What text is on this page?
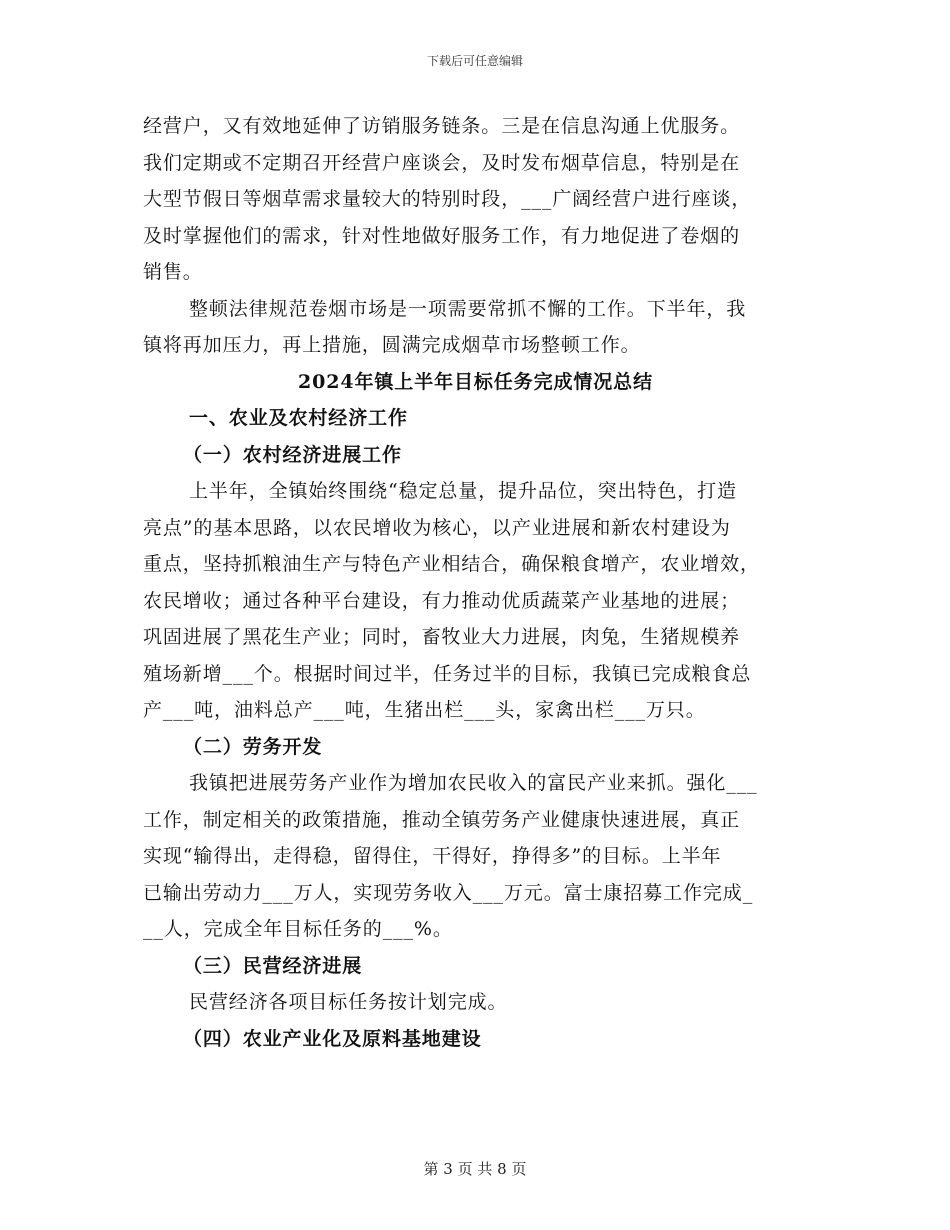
下载后可任意编辑
经营户，又有效地延伸了访销服务链条。三是在信息沟通上优服务。
我们定期或不定期召开经营户座谈会，及时发布烟草信息，特别是在
大型节假日等烟草需求量较大的特别时段，___广阔经营户进行座谈，
及时掌握他们的需求，针对性地做好服务工作，有力地促进了卷烟的
销售。
整顿法律规范卷烟市场是一项需要常抓不懈的工作。下半年，我
镇将再加压力，再上措施，圆满完成烟草市场整顿工作。
2024年镇上半年目标任务完成情况总结
一、农业及农村经济工作
（一）农村经济进展工作
上半年，全镇始终围绕“稳定总量，提升品位，突出特色，打造
亮点”的基本思路，以农民增收为核心，以产业进展和新农村建设为
重点，坚持抓粮油生产与特色产业相结合，确保粮食增产，农业增效，
农民增收；通过各种平台建设，有力推动优质蔬菜产业基地的进展；
巩固进展了黑花生产业；同时，畜牧业大力进展，肉兔，生猪规模养
殖场新增___个。根据时间过半，任务过半的目标，我镇已完成粮食总
产___吨，油料总产___吨，生猪出栏___头，家禽出栏___万只。
（二）劳务开发
我镇把进展劳务产业作为增加农民收入的富民产业来抓。强化___
工作，制定相关的政策措施，推动全镇劳务产业健康快速进展，真正
实现“输得出，走得稳，留得住，干得好，挣得多”的目标。上半年
已输出劳动力___万人，实现劳务收入___万元。富士康招募工作完成_
__人，完成全年目标任务的___%。
（三）民营经济进展
民营经济各项目标任务按计划完成。
（四）农业产业化及原料基地建设
第 3 页 共 8 页
